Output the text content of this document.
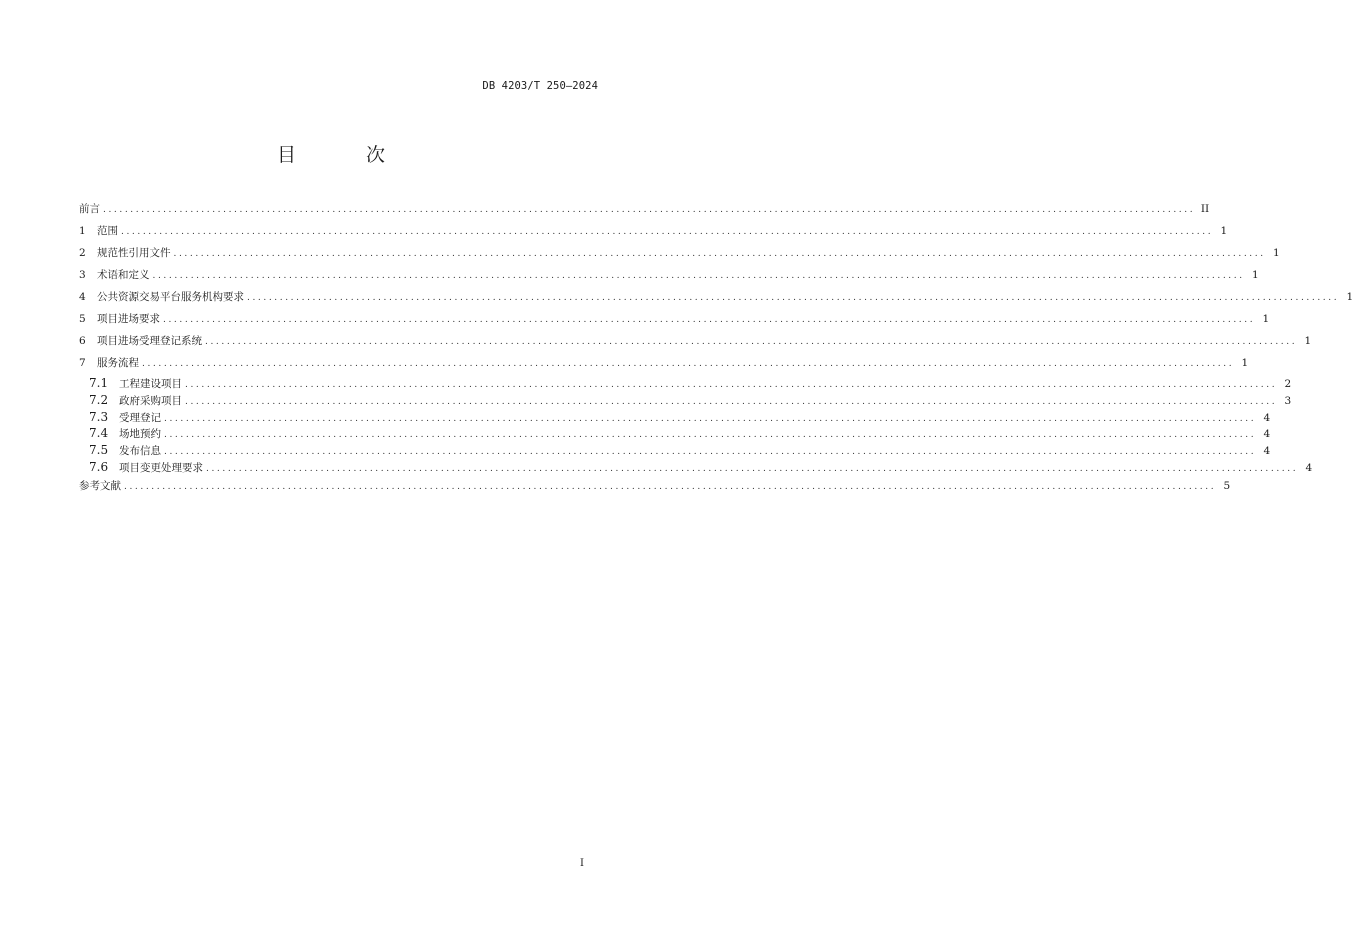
DB 4203/T 250—2024
目 次
前言 ........................................................................................................................................................................................................ II
1	范围 ........................................................................................................................................................................................................ 1
2	规范性引用文件 ........................................................................................................................................................................................................ 1
3	术语和定义 ........................................................................................................................................................................................................ 1
4	公共资源交易平台服务机构要求 ........................................................................................................................................................................................................ 1
5	项目进场要求 ........................................................................................................................................................................................................ 1
6	项目进场受理登记系统 ........................................................................................................................................................................................................ 1
7	服务流程 ........................................................................................................................................................................................................ 1
7.1	工程建设项目 ........................................................................................................................................................................................................ 2
7.2	政府采购项目 ........................................................................................................................................................................................................ 3
7.3	受理登记 ........................................................................................................................................................................................................ 4
7.4	场地预约 ........................................................................................................................................................................................................ 4
7.5	发布信息 ........................................................................................................................................................................................................ 4
7.6	项目变更处理要求 ........................................................................................................................................................................................................ 4
参考文献 ........................................................................................................................................................................................................ 5
I
